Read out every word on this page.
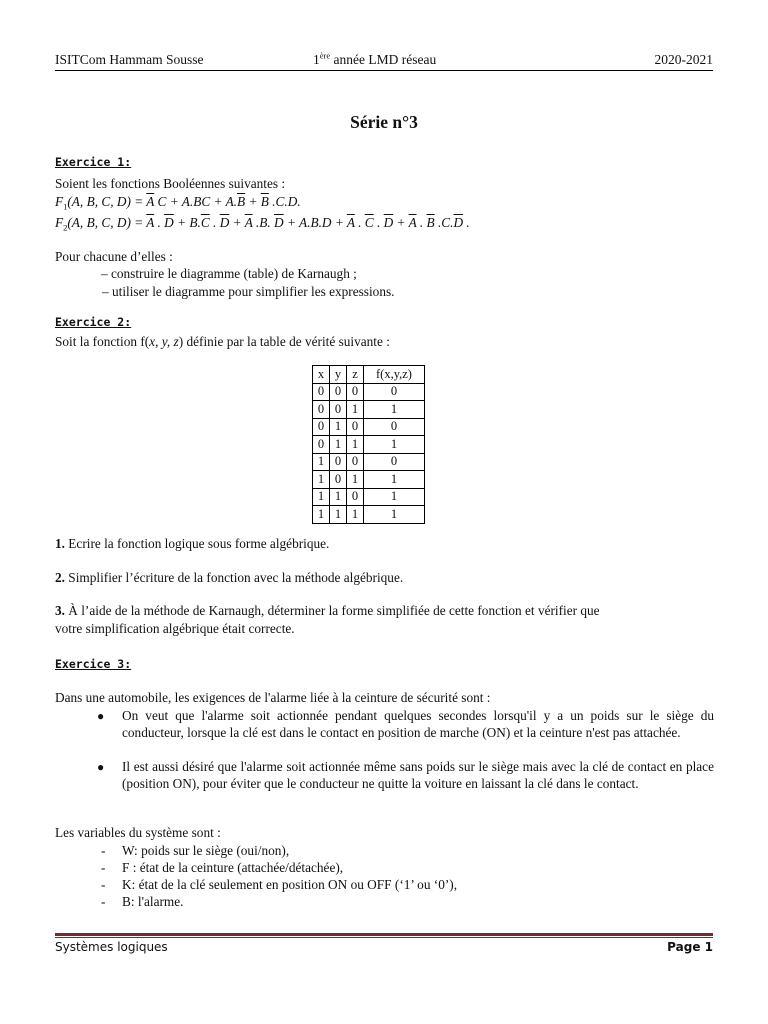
ISITCom Hammam Sousse	1ère année LMD réseau	2020-2021
Série n°3
Exercice 1:
Soient les fonctions Booléennes suivantes :
$F_1(A$, B, C, $D) = \overline{A}$ $C + A.BC + A.\overline{B} + \overline{B}$ .C.D.
$F_2(A$, B, C, $D) = \overline{A}$ . $\overline{D} + B.\overline{C}$ . $\overline{D} + \overline{A}$ .B. $\overline{D} + A.B.D + \overline{A}$ . $\overline{C}$ . $\overline{D} + \overline{A}$ . $\overline{B}$ $.C.\overline{D}$ .
Pour chacune d’elles :
– construire le diagramme (table) de Karnaugh ;
– utiliser le diagramme pour simplifier les expressions.
Exercice 2:
Soit la fonction f(x, y, z) définie par la table de vérité suivante :
x	y	z	f(x,y,z)
0	0	0	0
0	0	1	1
0	1	0	0
0	1	1	1
1	0	0	0
1	0	1	1
1	1	0	1
1	1	1	1
1. Ecrire la fonction logique sous forme algébrique.
2. Simplifier l’écriture de la fonction avec la méthode algébrique.
3. À l’aide de la méthode de Karnaugh, déterminer la forme simplifiée de cette fonction et vérifier que
votre simplification algébrique était correcte.
Exercice 3:
Dans une automobile, les exigences de l'alarme liée à la ceinture de sécurité sont :
● On veut que l'alarme soit actionnée pendant quelques secondes lorsqu'il y a un poids sur le siège du conducteur, lorsque la clé est dans le contact en position de marche (ON) et la ceinture n'est pas attachée.
● Il est aussi désiré que l'alarme soit actionnée même sans poids sur le siège mais avec la clé de contact en place (position ON), pour éviter que le conducteur ne quitte la voiture en laissant la clé dans le contact.
Les variables du système sont :
- W: poids sur le siège (oui/non),
- F : état de la ceinture (attachée/détachée),
- K: état de la clé seulement en position ON ou OFF (‘1’ ou ‘0’),
- B: l'alarme.
Systèmes logiques	Page 1
